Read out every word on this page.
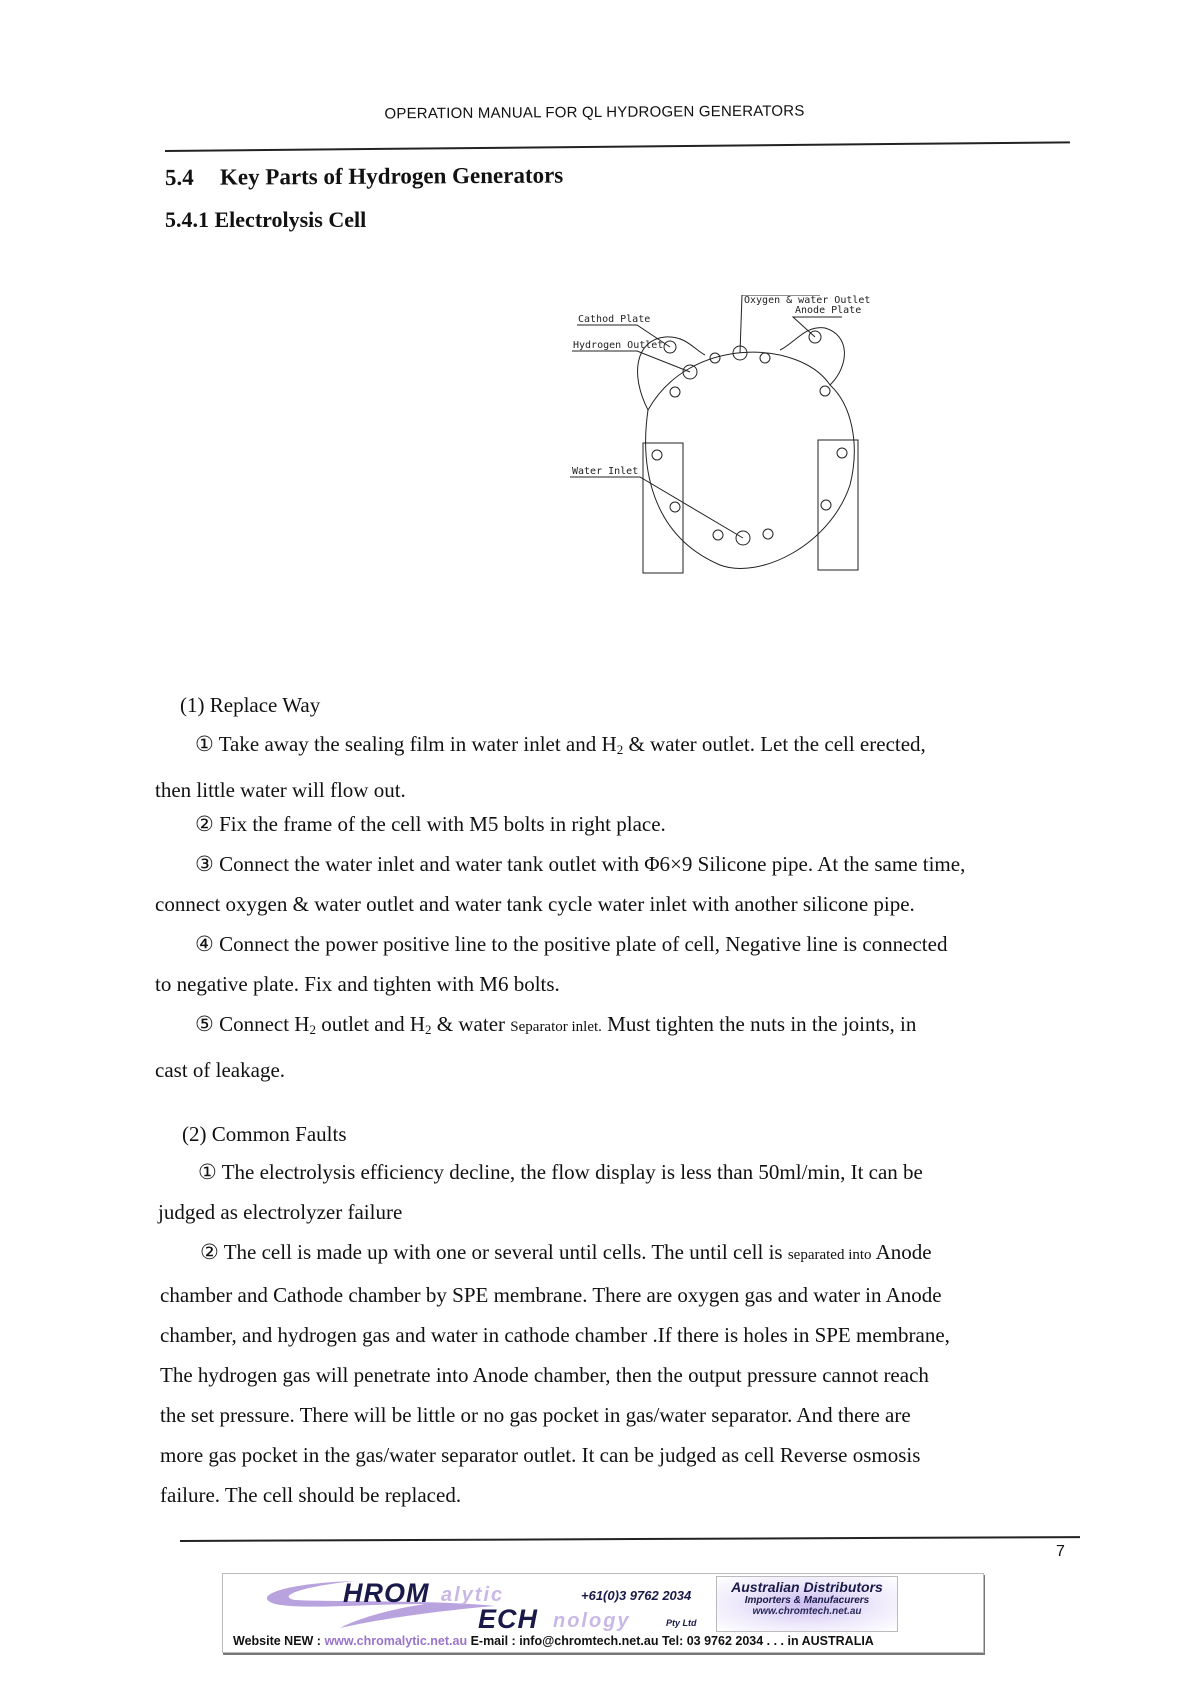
OPERATION MANUAL FOR QL HYDROGEN GENERATORS
5.4 Key Parts of Hydrogen Generators
5.4.1 Electrolysis Cell
Oxygen & water Outlet
Anode Plate
Cathod Plate
Hydrogen Outlet
Water Inlet
(1) Replace Way
① Take away the sealing film in water inlet and $H_2$ & water outlet. Let the cell erected,
then little water will flow out.
② Fix the frame of the cell with M5 bolts in right place.
③ Connect the water inlet and water tank outlet with Φ6×9 Silicone pipe. At the same time,
connect oxygen & water outlet and water tank cycle water inlet with another silicone pipe.
④ Connect the power positive line to the positive plate of cell, Negative line is connected
to negative plate. Fix and tighten with M6 bolts.
⑤ Connect $H_2$ outlet and $H_2$ & water Separator inlet. Must tighten the nuts in the joints, in
cast of leakage.
(2) Common Faults
① The electrolysis efficiency decline, the flow display is less than 50ml/min, It can be
judged as electrolyzer failure
② The cell is made up with one or several until cells. The until cell is separated into Anode
chamber and Cathode chamber by SPE membrane. There are oxygen gas and water in Anode
chamber, and hydrogen gas and water in cathode chamber .If there is holes in SPE membrane,
The hydrogen gas will penetrate into Anode chamber, then the output pressure cannot reach
the set pressure. There will be little or no gas pocket in gas/water separator. And there are
more gas pocket in the gas/water separator outlet. It can be judged as cell Reverse osmosis
failure. The cell should be replaced.
7
HROM alytic	+61(0)3 9762 2034
ECH nology	Pty Ltd
Australian Distributors
Importers & Manufacurers
www.chromtech.net.au
Website NEW : www.chromalytic.net.au E-mail : info@chromtech.net.au Tel: 03 9762 2034 . . . in AUSTRALIA
